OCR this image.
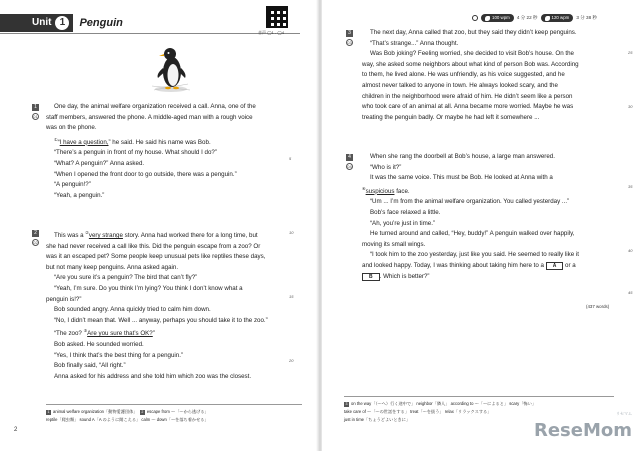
Unit 1	Penguin
音声 ◯1 - ◯4
1
01

One day, the animal welfare organization received a call. Anna, one of the

staff members, answered the phone. A middle-aged man with a rough voice

was on the phone.

①“I have a question,” he said. He said his name was Bob.

“There’s a penguin in front of my house. What should I do?”

“What? A penguin?” Anna asked.

“When I opened the front door to go outside, there was a penguin.”

“A penguin!?”

“Yeah, a penguin.”

5
2
02

This was a ②very strange story. Anna had worked there for a long time, but

she had never received a call like this. Did the penguin escape from a zoo? Or

was it an escaped pet? Some people keep unusual pets like reptiles these days,

but not many keep penguins. Anna asked again.

“Are you sure it’s a penguin? The bird that can’t fly?”

“Yeah, I’m sure. Do you think I’m lying? You think I don’t know what a

penguin is!?”

Bob sounded angry. Anna quickly tried to calm him down.

“No, I didn’t mean that. Well ... anyway, perhaps you should take it to the zoo.”

“The zoo? ③Are you sure that’s OK?”

Bob asked. He sounded worried.

“Yes, I think that’s the best thing for a penguin.”

Bob finally said, “All right.”

Anna asked for his address and she told him which zoo was the closest.

10
15
20
1 animal welfare organization「動物愛護団体」 2 escape from ～「～から逃げる」
reptile「爬虫類」 sound A「A のように聞こえる」 calm ～ down「～を落ち着かせる」
2
100 wpm 4 分 22 秒	120 wpm 3 分 38 秒
3
03

The next day, Anna called that zoo, but they said they didn’t keep penguins.

“That’s strange...” Anna thought.

Was Bob joking? Feeling worried, she decided to visit Bob’s house. On the

way, she asked some neighbors about what kind of person Bob was. According

to them, he lived alone. He was unfriendly, as his voice suggested, and he

almost never talked to anyone in town. He always looked scary, and the

children in the neighborhood were afraid of him. He didn’t seem like a person

who took care of an animal at all. Anna became more worried. Maybe he was

treating the penguin badly. Or maybe he had left it somewhere ...

25
30
4
04

When she rang the doorbell at Bob’s house, a large man answered.

“Who is it?”

It was the same voice. This must be Bob. He looked at Anna with a

④suspicious face.

“Um ... I’m from the animal welfare organization. You called yesterday ...”

Bob’s face relaxed a little.

“Ah, you’re just in time.”

He turned around and called, “Hey, buddy!” A penguin walked over happily,

moving its small wings.

“I took him to the zoo yesterday, just like you said. He seemed to really like it

and looked happy. Today, I was thinking about taking him here to a A or a

B . Which is better?”

35
40
45
(437 words)
3 on the way「（〜へ）行く途中で」 neighbor「隣人」 according to ～「～によると」 scary「怖い」
take care of ～「～の世話をする」 treat「～を扱う」 relax「リラックスする」
just in time「ちょうどよいときに」
リセマム
ReseMom
